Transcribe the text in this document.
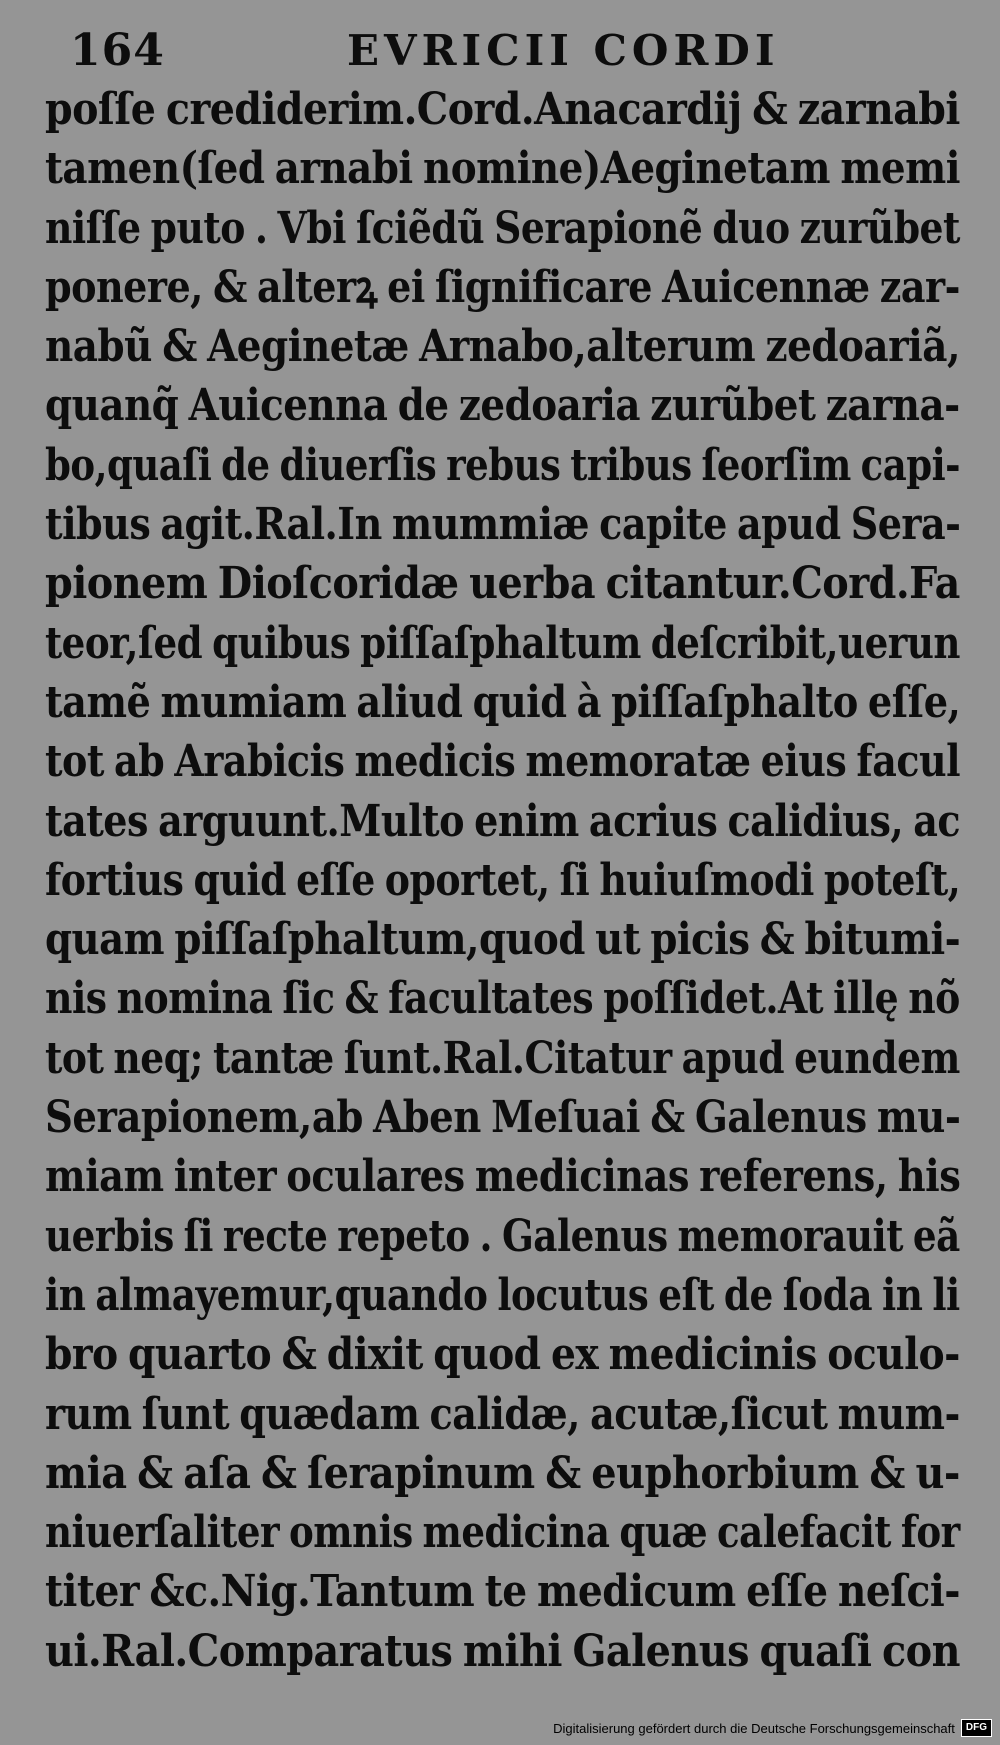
164	EVRICII CORDI
poſſe crediderim.Cord.Anacardij & zarnabi
tamen(ſed arnabi nomine)Aeginetam memi
niſſe puto . Vbi ſciẽdũ Serapionẽ duo zurũbet
ponere, & alterꝝ ei ſignificare Auicennæ zar-
nabũ & Aeginetæ Arnabo,alterum zedoariã,
quanq̃ Auicenna de zedoaria zurũbet zarna-
bo,quaſi de diuerſis rebus tribus ſeorſim capi-
tibus agit.Ral.In mummiæ capite apud Sera-
pionem Dioſcoridæ uerba citantur.Cord.Fa
teor,ſed quibus piſſaſphaltum deſcribit,uerun
tamẽ mumiam aliud quid à piſſaſphalto eſſe,
tot ab Arabicis medicis memoratæ eius facul
tates arguunt.Multo enim acrius calidius, ac
fortius quid eſſe oportet, ſi huiuſmodi poteſt,
quam piſſaſphaltum,quod ut picis & bitumi-
nis nomina ſic & facultates poſſidet.At illę nõ
tot neq; tantæ ſunt.Ral.Citatur apud eundem
Serapionem,ab Aben Meſuai & Galenus mu-
miam inter oculares medicinas referens, his
uerbis ſi recte repeto . Galenus memorauit eã
in almayemur,quando locutus eſt de ſoda in li
bro quarto & dixit quod ex medicinis oculo-
rum ſunt quædam calidæ, acutæ,ſicut mum-
mia & aſa & ſerapinum & euphorbium & u-
niuerſaliter omnis medicina quæ calefacit for
titer &c.Nig.Tantum te medicum eſſe neſci-
ui.Ral.Comparatus mihi Galenus quaſi con
Digitalisierung gefördert durch die Deutsche Forschungsgemeinschaft	DFG
